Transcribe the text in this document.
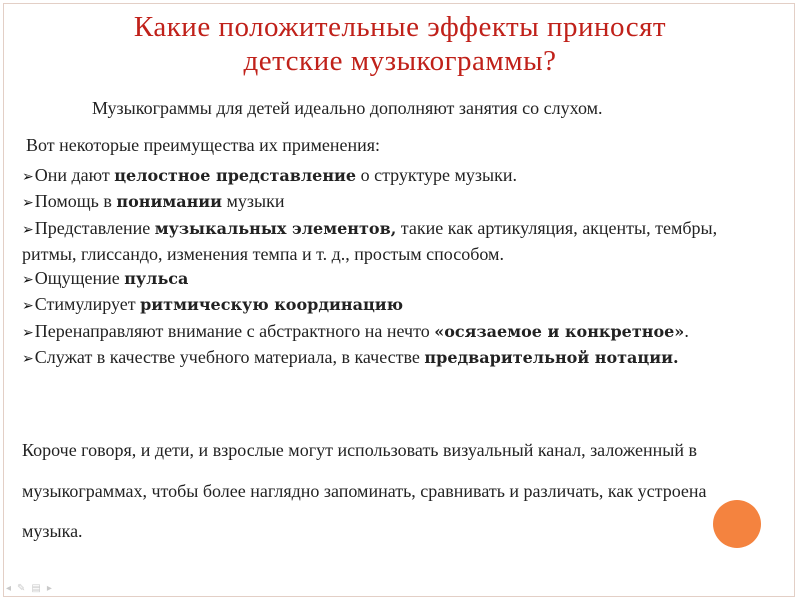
Какие положительные эффекты приносят
детские музыкограммы?
Музыкограммы для детей идеально дополняют занятия со слухом.
Вот некоторые преимущества их применения:
➢Они дают целостное представление о структуре музыки.
➢Помощь в понимании музыки
➢Представление музыкальных элементов, такие как артикуляция, акценты, тембры, ритмы, глиссандо, изменения темпа и т. д., простым способом.
➢Ощущение пульса
➢Стимулирует ритмическую координацию
➢Перенаправляют внимание с абстрактного на нечто «осязаемое и конкретное».
➢Служат в качестве учебного материала, в качестве предварительной нотации.
Короче говоря, и дети, и взрослые могут использовать визуальный канал, заложенный в музыкограммах, чтобы более наглядно запоминать, сравнивать и различать, как устроена музыка.
◂ ✎ ▤ ▸
